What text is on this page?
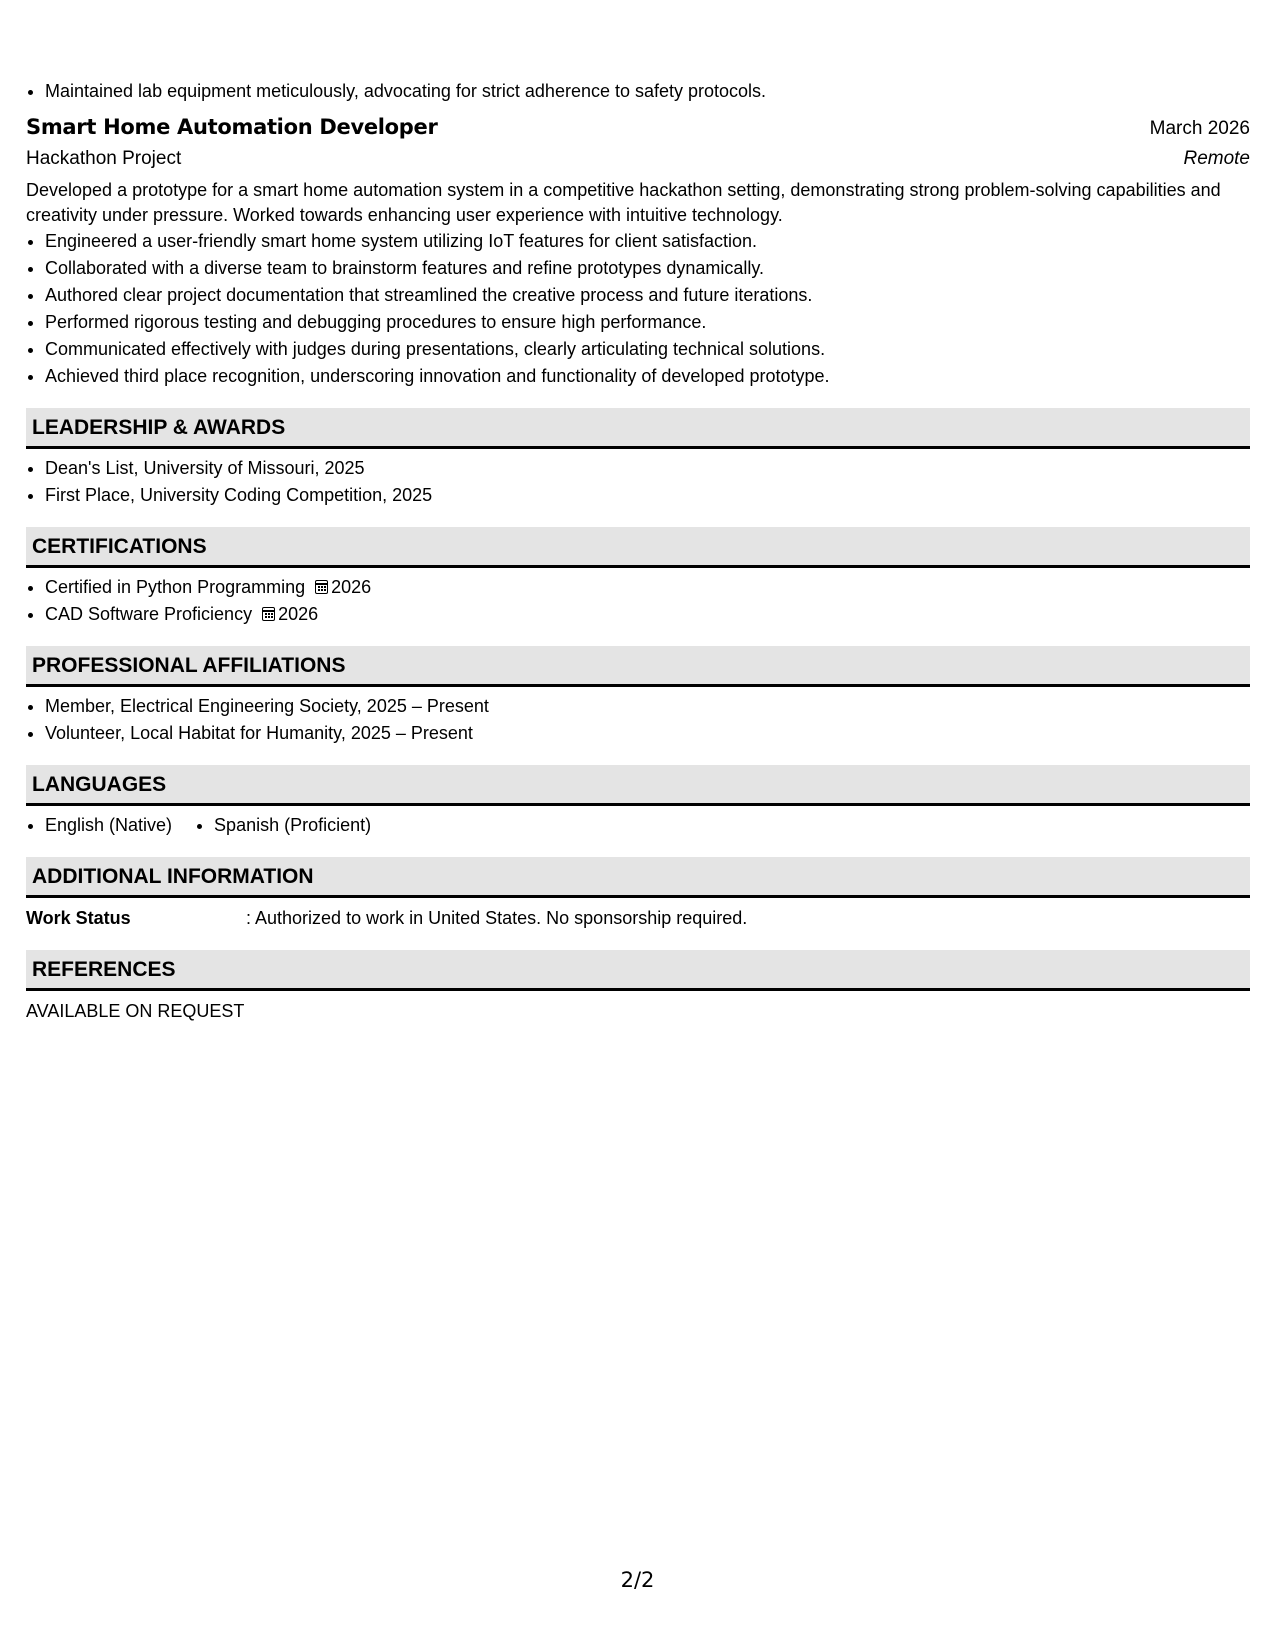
• Maintained lab equipment meticulously, advocating for strict adherence to safety protocols.
Smart Home Automation Developer	March 2026
Hackathon Project	Remote
Developed a prototype for a smart home automation system in a competitive hackathon setting, demonstrating strong problem-solving capabilities and creativity under pressure. Worked towards enhancing user experience with intuitive technology.
• Engineered a user-friendly smart home system utilizing IoT features for client satisfaction.
• Collaborated with a diverse team to brainstorm features and refine prototypes dynamically.
• Authored clear project documentation that streamlined the creative process and future iterations.
• Performed rigorous testing and debugging procedures to ensure high performance.
• Communicated effectively with judges during presentations, clearly articulating technical solutions.
• Achieved third place recognition, underscoring innovation and functionality of developed prototype.
LEADERSHIP & AWARDS
• Dean's List, University of Missouri, 2025
• First Place, University Coding Competition, 2025
CERTIFICATIONS
• Certified in Python Programming 2026
• CAD Software Proficiency 2026
PROFESSIONAL AFFILIATIONS
• Member, Electrical Engineering Society, 2025 – Present
• Volunteer, Local Habitat for Humanity, 2025 – Present
LANGUAGES
• English (Native)
• Spanish (Proficient)
ADDITIONAL INFORMATION
Work Status	: Authorized to work in United States. No sponsorship required.
REFERENCES
AVAILABLE ON REQUEST
2/2
